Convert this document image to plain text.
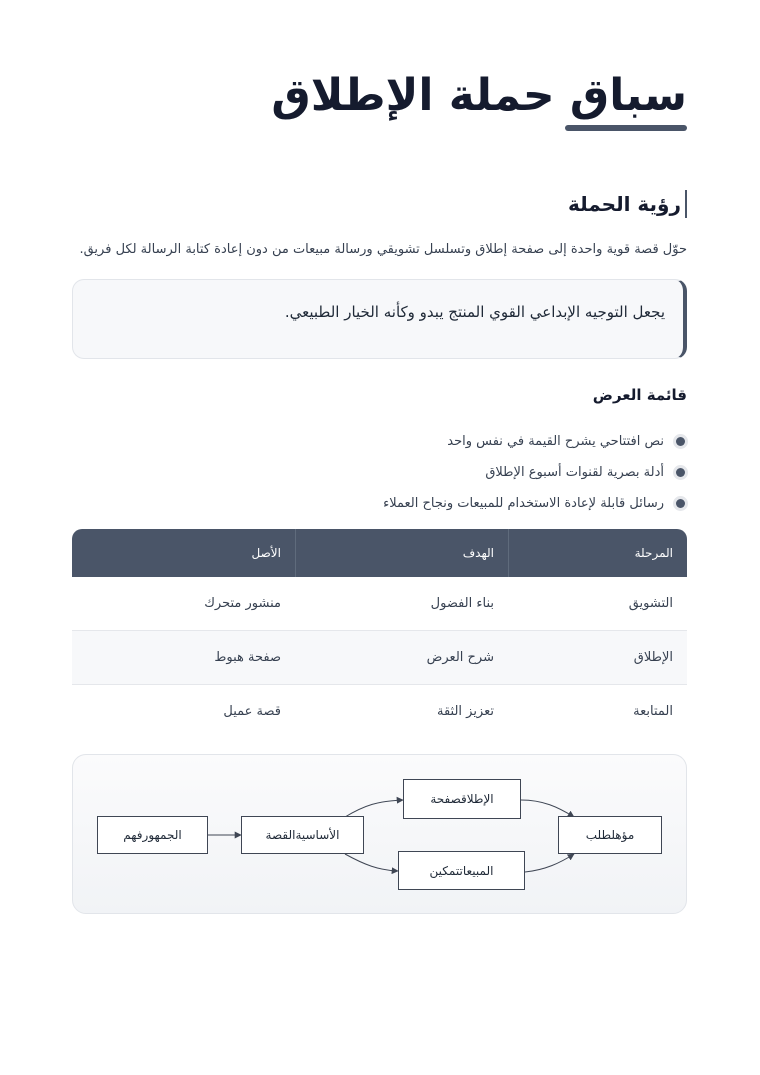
سباق حملة الإطلاق
رؤية الحملة

حوّل قصة قوية واحدة إلى صفحة إطلاق وتسلسل تشويقي ورسالة مبيعات من دون إعادة كتابة الرسالة لكل فريق.

يجعل التوجيه الإبداعي القوي المنتج يبدو وكأنه الخيار الطبيعي.

قائمة العرض
نص افتتاحي يشرح القيمة في نفس واحد
أدلة بصرية لقنوات أسبوع الإطلاق
رسائل قابلة لإعادة الاستخدام للمبيعات ونجاح العملاء
المرحلة	الهدف	الأصل
التشويق	بناء الفضول	منشور متحرك
الإطلاق	شرح العرض	صفحة هبوط
المتابعة	تعزيز الثقة	قصة عميل
الجمهورفهم	الأساسيةالقصة
الإطلاقصفحة
المبيعاتتمكين
مؤهلطلب
